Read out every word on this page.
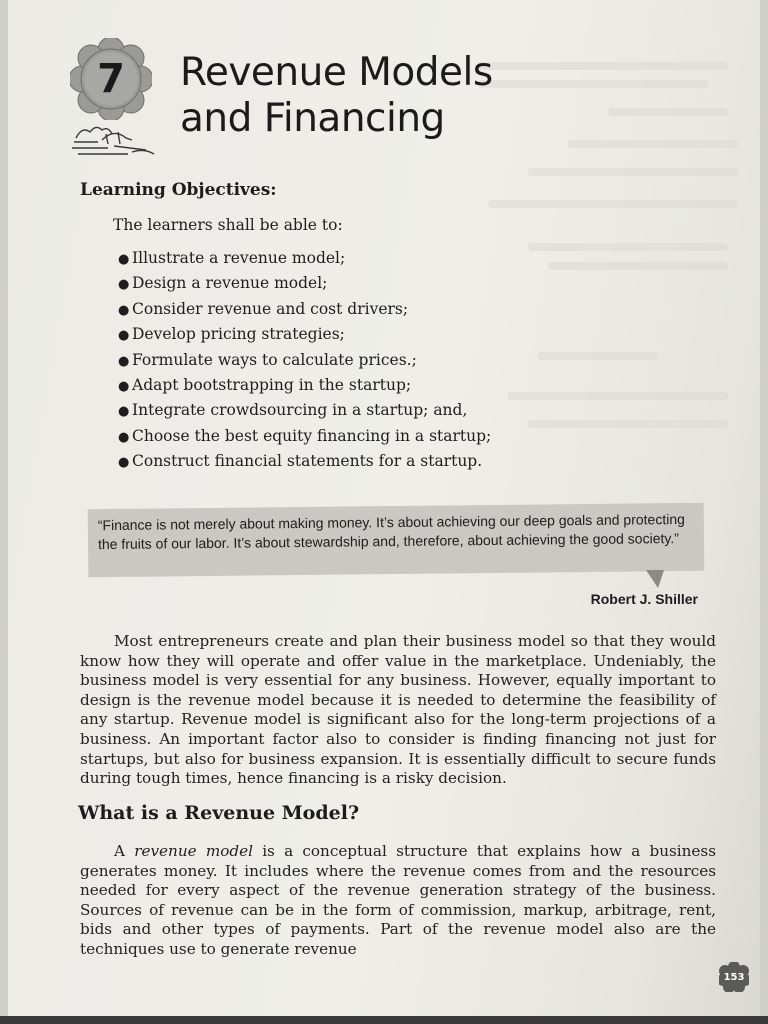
7	Revenue Models
and Financing
Learning Objectives:

The learners shall be able to:

● Illustrate a revenue model;
● Design a revenue model;
● Consider revenue and cost drivers;
● Develop pricing strategies;
● Formulate ways to calculate prices.;
● Adapt bootstrapping in the startup;
● Integrate crowdsourcing in a startup; and,
● Choose the best equity financing in a startup;
● Construct financial statements for a startup.
“Finance is not merely about making money. It’s about achieving our deep goals and protecting the fruits of our labor. It’s about stewardship and, therefore, about achieving the good society.”

Robert J. Shiller

Most entrepreneurs create and plan their business model so that they would know how they will operate and offer value in the marketplace. Undeniably, the business model is very essential for any business. However, equally important to design is the revenue model because it is needed to determine the feasibility of any startup. Revenue model is significant also for the long-term projections of a business. An important factor also to consider is finding financing not just for startups, but also for business expansion. It is essentially difficult to secure funds during tough times, hence financing is a risky decision.

What is a Revenue Model?

A revenue model is a conceptual structure that explains how a business generates money. It includes where the revenue comes from and the resources needed for every aspect of the revenue generation strategy of the business. Sources of revenue can be in the form of commission, markup, arbitrage, rent, bids and other types of payments. Part of the revenue model also are the techniques use to generate revenue

153
